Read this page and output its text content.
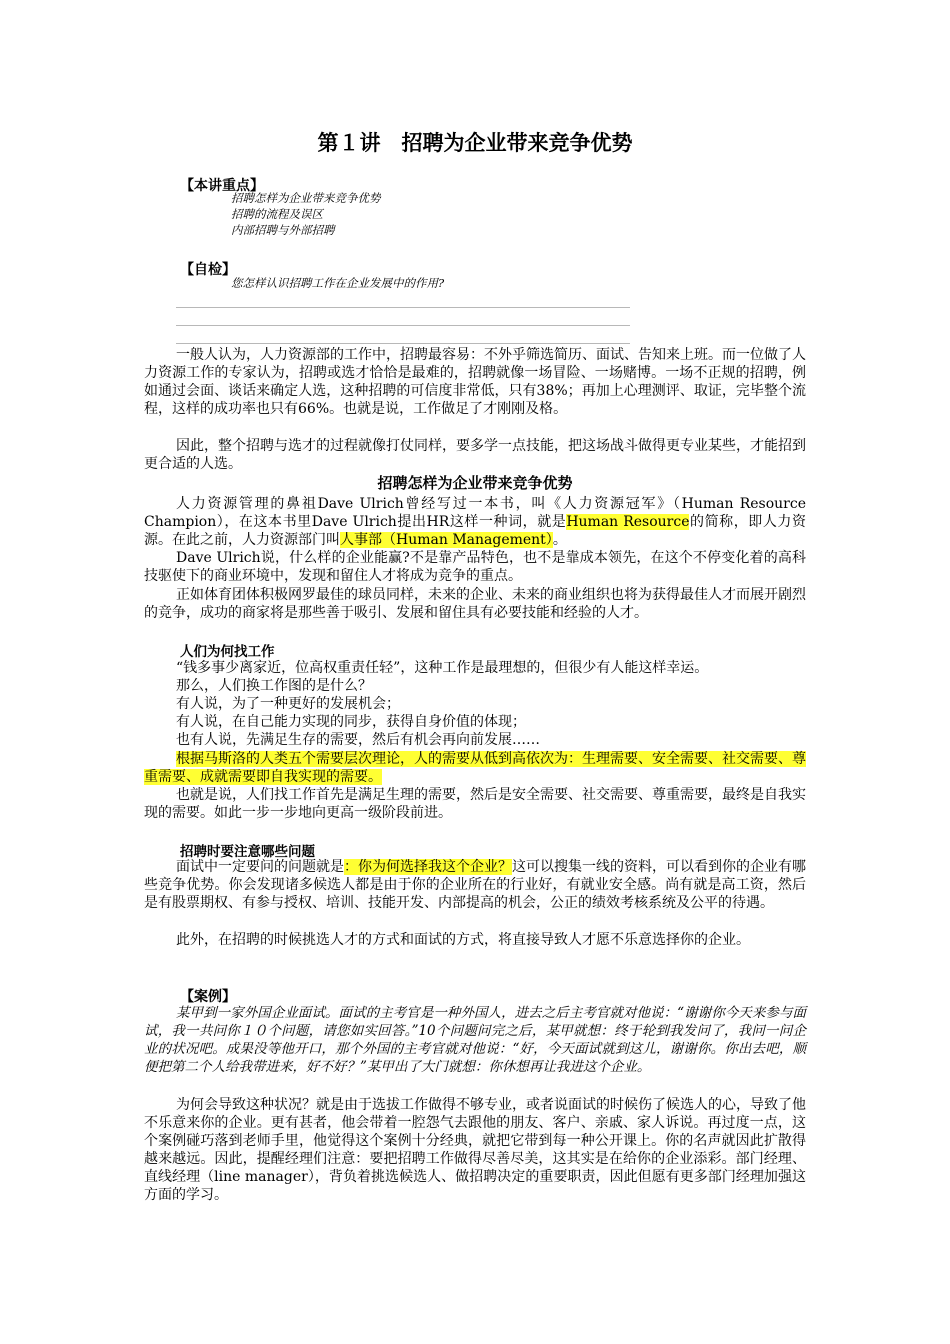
第１讲　招聘为企业带来竞争优势
【本讲重点】
招聘怎样为企业带来竞争优势
招聘的流程及误区
内部招聘与外部招聘
【自检】
您怎样认识招聘工作在企业发展中的作用?

一般人认为，人力资源部的工作中，招聘最容易：不外乎筛选简历、面试、告知来上班。而一位做了人力资源工作的专家认为，招聘或选才恰恰是最难的，招聘就像一场冒险、一场赌博。一场不正规的招聘，例如通过会面、谈话来确定人选，这种招聘的可信度非常低，只有38%；再加上心理测评、取证，完毕整个流程，这样的成功率也只有66%。也就是说，工作做足了才刚刚及格。

因此，整个招聘与选才的过程就像打仗同样，要多学一点技能，把这场战斗做得更专业某些，才能招到更合适的人选。

招聘怎样为企业带来竞争优势

人力资源管理的鼻祖Dave Ulrich曾经写过一本书，叫《人力资源冠军》（Human Resource Champion），在这本书里Dave Ulrich提出HR这样一种词，就是Human Resource的简称，即人力资源。在此之前，人力资源部门叫人事部（Human Management）。

Dave Ulrich说，什么样的企业能赢?不是靠产品特色，也不是靠成本领先，在这个不停变化着的高科技驱使下的商业环境中，发现和留住人才将成为竞争的重点。

正如体育团体积极网罗最佳的球员同样，未来的企业、未来的商业组织也将为获得最佳人才而展开剧烈的竞争，成功的商家将是那些善于吸引、发展和留住具有必要技能和经验的人才。

人们为何找工作

“钱多事少离家近，位高权重责任轻”，这种工作是最理想的，但很少有人能这样幸运。

那么，人们换工作图的是什么？

有人说，为了一种更好的发展机会；

有人说，在自己能力实现的同步，获得自身价值的体现；

也有人说，先满足生存的需要，然后有机会再向前发展……

根据马斯洛的人类五个需要层次理论，人的需要从低到高依次为：生理需要、安全需要、社交需要、尊重需要、成就需要即自我实现的需要。

也就是说，人们找工作首先是满足生理的需要，然后是安全需要、社交需要、尊重需要，最终是自我实现的需要。如此一步一步地向更高一级阶段前进。

招聘时要注意哪些问题

面试中一定要问的问题就是：你为何选择我这个企业？这可以搜集一线的资料，可以看到你的企业有哪些竞争优势。你会发现诸多候选人都是由于你的企业所在的行业好，有就业安全感。尚有就是高工资，然后是有股票期权、有参与授权、培训、技能开发、内部提高的机会，公正的绩效考核系统及公平的待遇。

此外，在招聘的时候挑选人才的方式和面试的方式，将直接导致人才愿不乐意选择你的企业。

【案例】

某甲到一家外国企业面试。面试的主考官是一种外国人，进去之后主考官就对他说：“谢谢你今天来参与面试，我一共问你１０个问题，请您如实回答。”10个问题问完之后，某甲就想：终于轮到我发问了，我问一问企业的状况吧。成果没等他开口，那个外国的主考官就对他说：“好，今天面试就到这儿，谢谢你。你出去吧，顺便把第二个人给我带进来，好不好？”某甲出了大门就想：你休想再让我进这个企业。

为何会导致这种状况？就是由于选拔工作做得不够专业，或者说面试的时候伤了候选人的心，导致了他不乐意来你的企业。更有甚者，他会带着一腔怨气去跟他的朋友、客户、亲戚、家人诉说。再过度一点，这个案例碰巧落到老师手里，他觉得这个案例十分经典，就把它带到每一种公开课上。你的名声就因此扩散得越来越远。因此，提醒经理们注意：要把招聘工作做得尽善尽美，这其实是在给你的企业添彩。部门经理、直线经理（line manager），背负着挑选候选人、做招聘决定的重要职责，因此但愿有更多部门经理加强这方面的学习。
